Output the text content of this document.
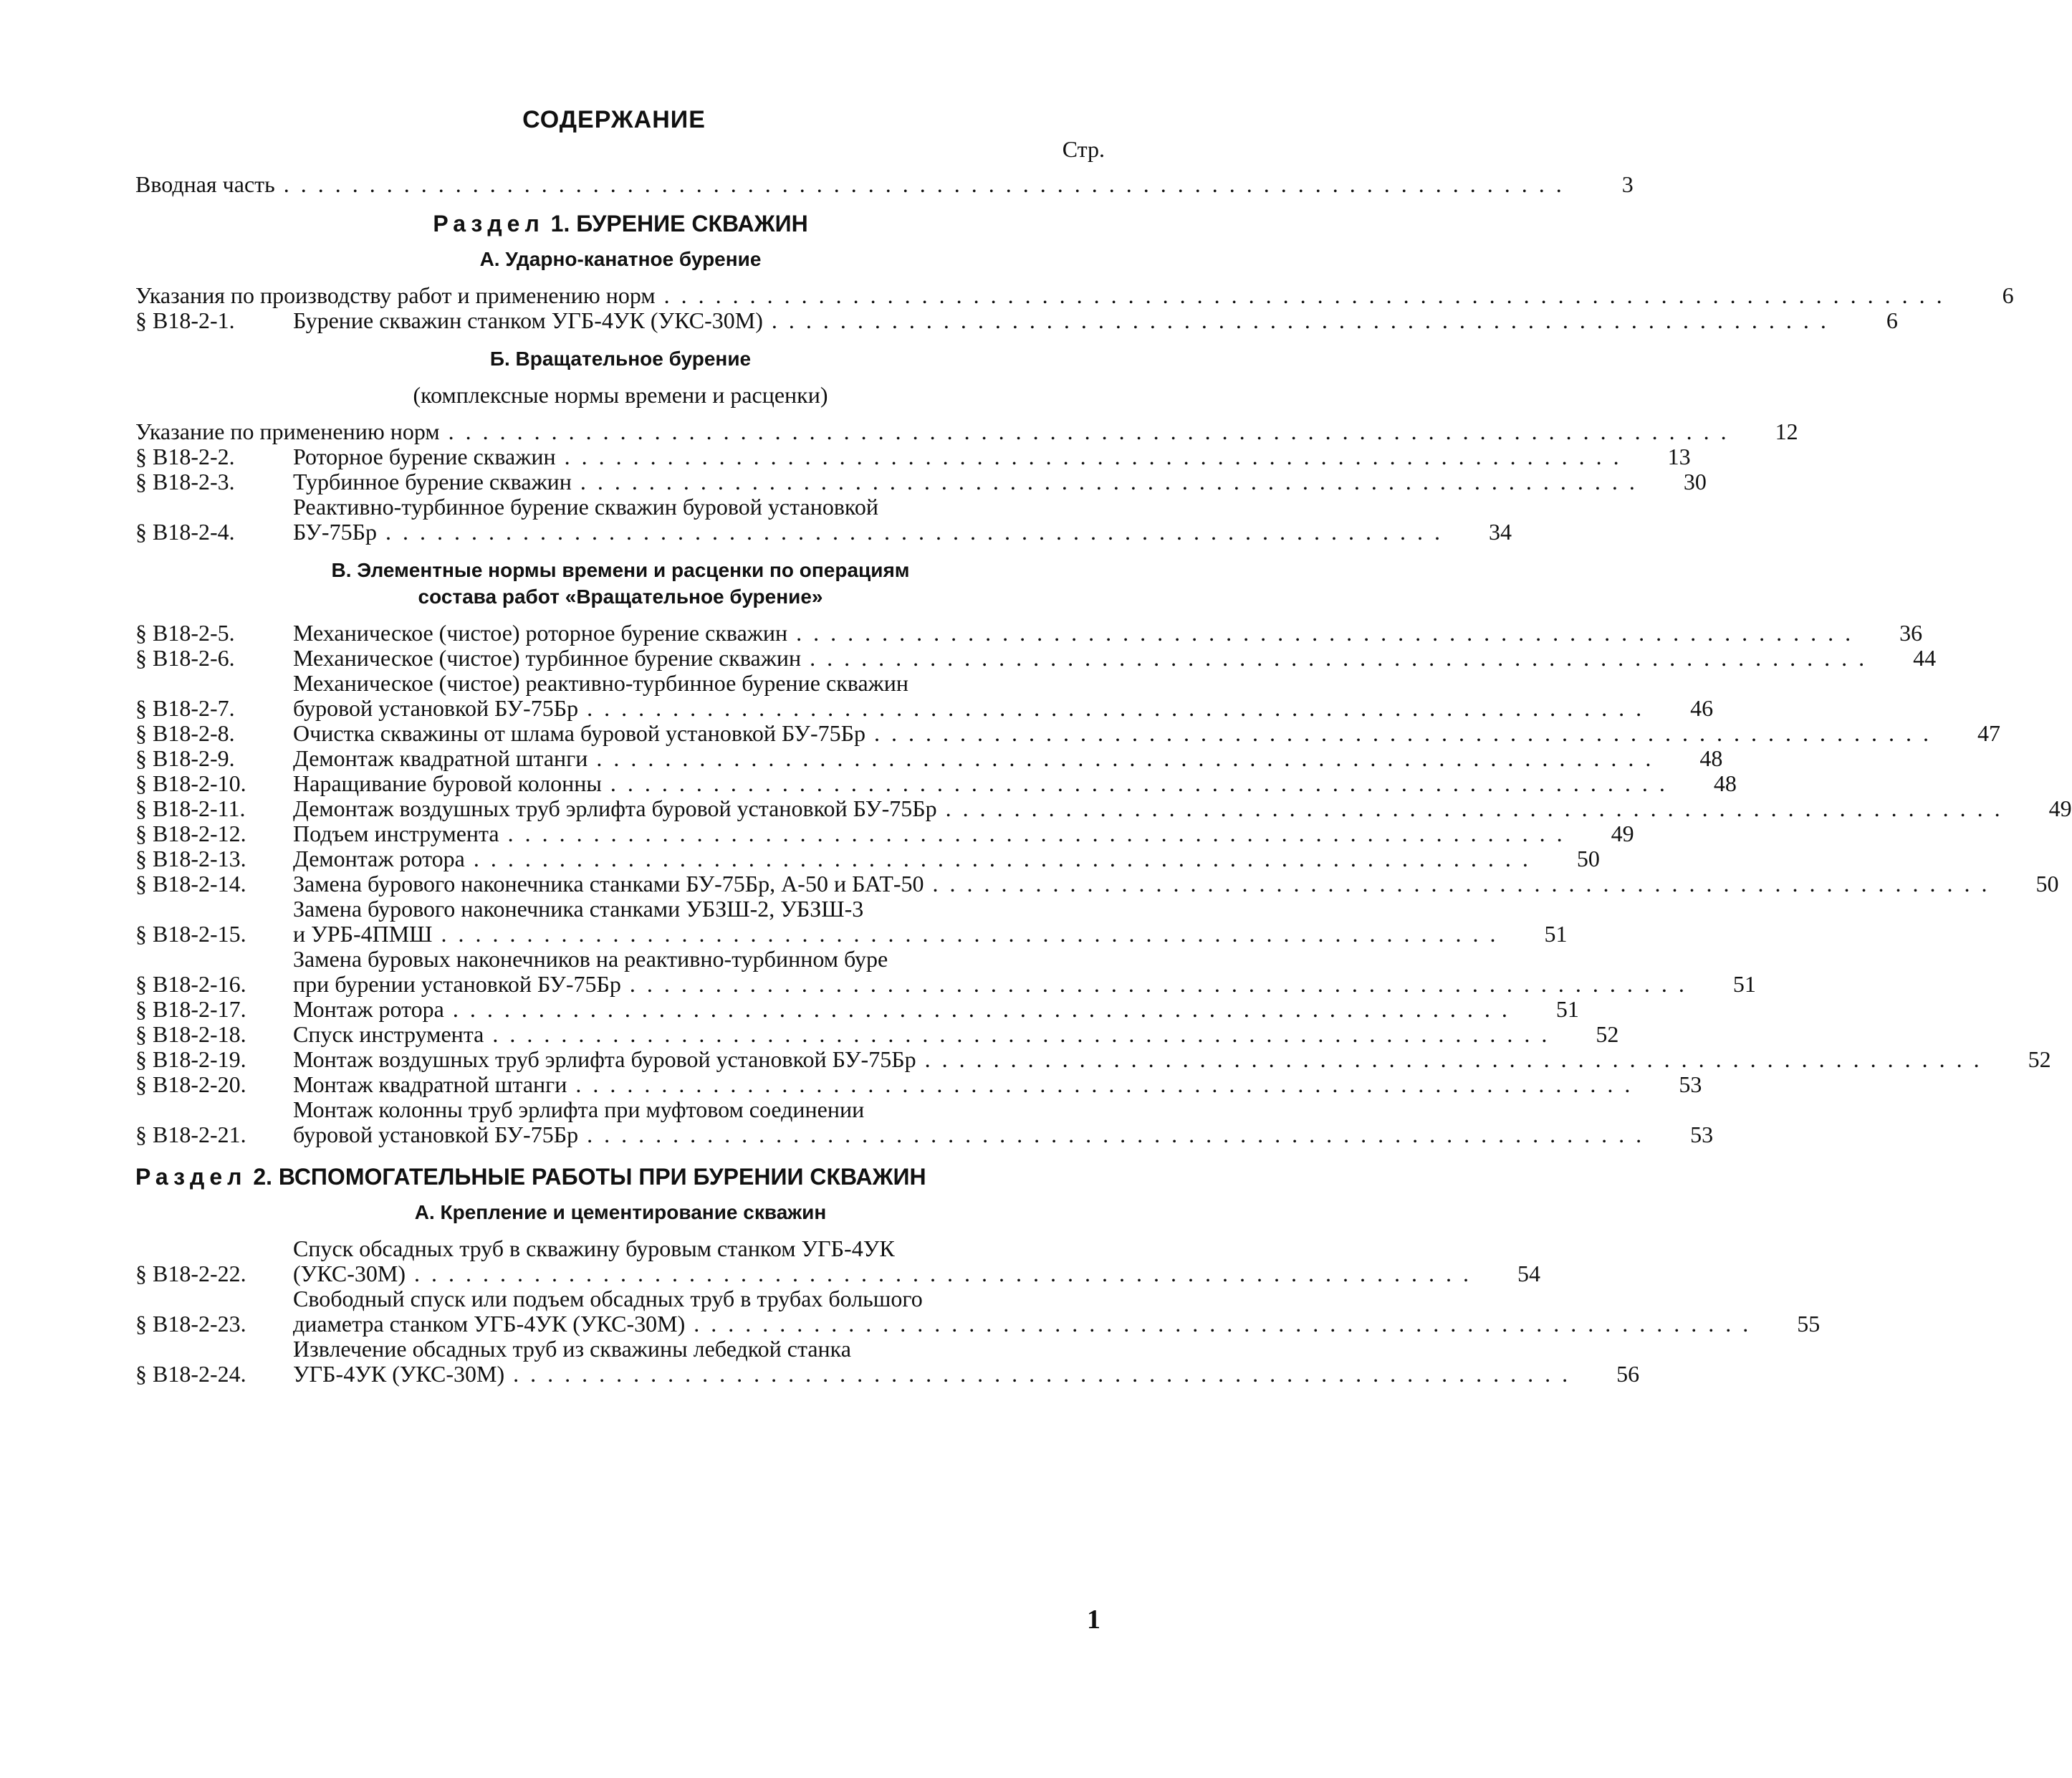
СОДЕРЖАНИЕ
Стр.
Вводная часть . . .	3
Раздел 1. БУРЕНИЕ СКВАЖИН
А. Ударно-канатное бурение
Указания по производству работ и применению норм . . .	6
§ B18-2-1.	Бурение скважин станком УГБ-4УК (УКС-30М) . . .	6
Б. Вращательное бурение
(комплексные нормы времени и расценки)
Указание по применению норм . . .	12
§ B18-2-2.	Роторное бурение скважин . . .	13
§ B18-2-3.	Турбинное бурение скважин . . .	30
§ B18-2-4.
Реактивно-турбинное бурение скважин буровой установкой
БУ-75Бр . . .	34
В. Элементные нормы времени и расценки по операциям
состава работ «Вращательное бурение»
§ B18-2-5.	Механическое (чистое) роторное бурение скважин . . .	36
§ B18-2-6.	Механическое (чистое) турбинное бурение скважин . . .	44
§ B18-2-7.
Механическое (чистое) реактивно-турбинное бурение скважин
буровой установкой БУ-75Бр . . .	46
§ B18-2-8.	Очистка скважины от шлама буровой установкой БУ-75Бр . . .	47
§ B18-2-9.	Демонтаж квадратной штанги . . .	48
§ B18-2-10.	Наращивание буровой колонны . . .	48
§ B18-2-11.	Демонтаж воздушных труб эрлифта буровой установкой БУ-75Бр . . .	49
§ B18-2-12.	Подъем инструмента . . .	49
§ B18-2-13.	Демонтаж ротора . . .	50
§ B18-2-14.	Замена бурового наконечника станками БУ-75Бр, А-50 и БАТ-50 . . .	50
§ B18-2-15.
Замена бурового наконечника станками УБЗШ-2, УБЗШ-3
и УРБ-4ПМШ . . .	51
§ B18-2-16.
Замена буровых наконечников на реактивно-турбинном буре
при бурении установкой БУ-75Бр . . .	51
§ B18-2-17.	Монтаж ротора . . .	51
§ B18-2-18.	Спуск инструмента . . .	52
§ B18-2-19.	Монтаж воздушных труб эрлифта буровой установкой БУ-75Бр . . .	52
§ B18-2-20.	Монтаж квадратной штанги . . .	53
§ B18-2-21.
Монтаж колонны труб эрлифта при муфтовом соединении
буровой установкой БУ-75Бр . . .	53
Раздел 2. ВСПОМОГАТЕЛЬНЫЕ РАБОТЫ ПРИ БУРЕНИИ СКВАЖИН
А. Крепление и цементирование скважин
§ B18-2-22.
Спуск обсадных труб в скважину буровым станком УГБ-4УК
(УКС-30М) . . .	54
§ B18-2-23.
Свободный спуск или подъем обсадных труб в трубах большого
диаметра станком УГБ-4УК (УКС-30М) . . .	55
§ B18-2-24.
Извлечение обсадных труб из скважины лебедкой станка
УГБ-4УК (УКС-30М) . . .	56
1
